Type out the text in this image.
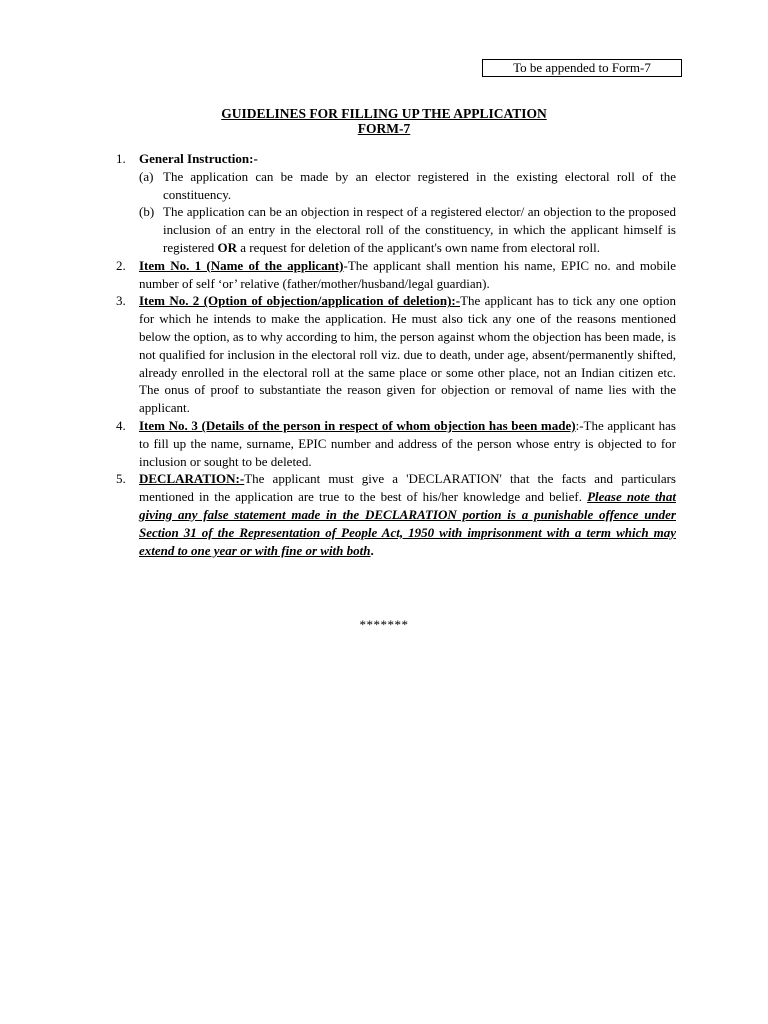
To be appended to Form-7
GUIDELINES FOR FILLING UP THE APPLICATION
FORM-7
1. General Instruction:-
(a) The application can be made by an elector registered in the existing electoral roll of the constituency.
(b) The application can be an objection in respect of a registered elector/ an objection to the proposed inclusion of an entry in the electoral roll of the constituency, in which the applicant himself is registered OR a request for deletion of the applicant's own name from electoral roll.
2. Item No. 1 (Name of the applicant)-The applicant shall mention his name, EPIC no. and mobile number of self ‘or’ relative (father/mother/husband/legal guardian).
3. Item No. 2 (Option of objection/application of deletion):-The applicant has to tick any one option for which he intends to make the application. He must also tick any one of the reasons mentioned below the option, as to why according to him, the person against whom the objection has been made, is not qualified for inclusion in the electoral roll viz. due to death, under age, absent/permanently shifted, already enrolled in the electoral roll at the same place or some other place, not an Indian citizen etc. The onus of proof to substantiate the reason given for objection or removal of name lies with the applicant.
4. Item No. 3 (Details of the person in respect of whom objection has been made):-The applicant has to fill up the name, surname, EPIC number and address of the person whose entry is objected to for inclusion or sought to be deleted.
5. DECLARATION:-The applicant must give a 'DECLARATION' that the facts and particulars mentioned in the application are true to the best of his/her knowledge and belief. Please note that giving any false statement made in the DECLARATION portion is a punishable offence under Section 31 of the Representation of People Act, 1950 with imprisonment with a term which may extend to one year or with fine or with both.
*******
